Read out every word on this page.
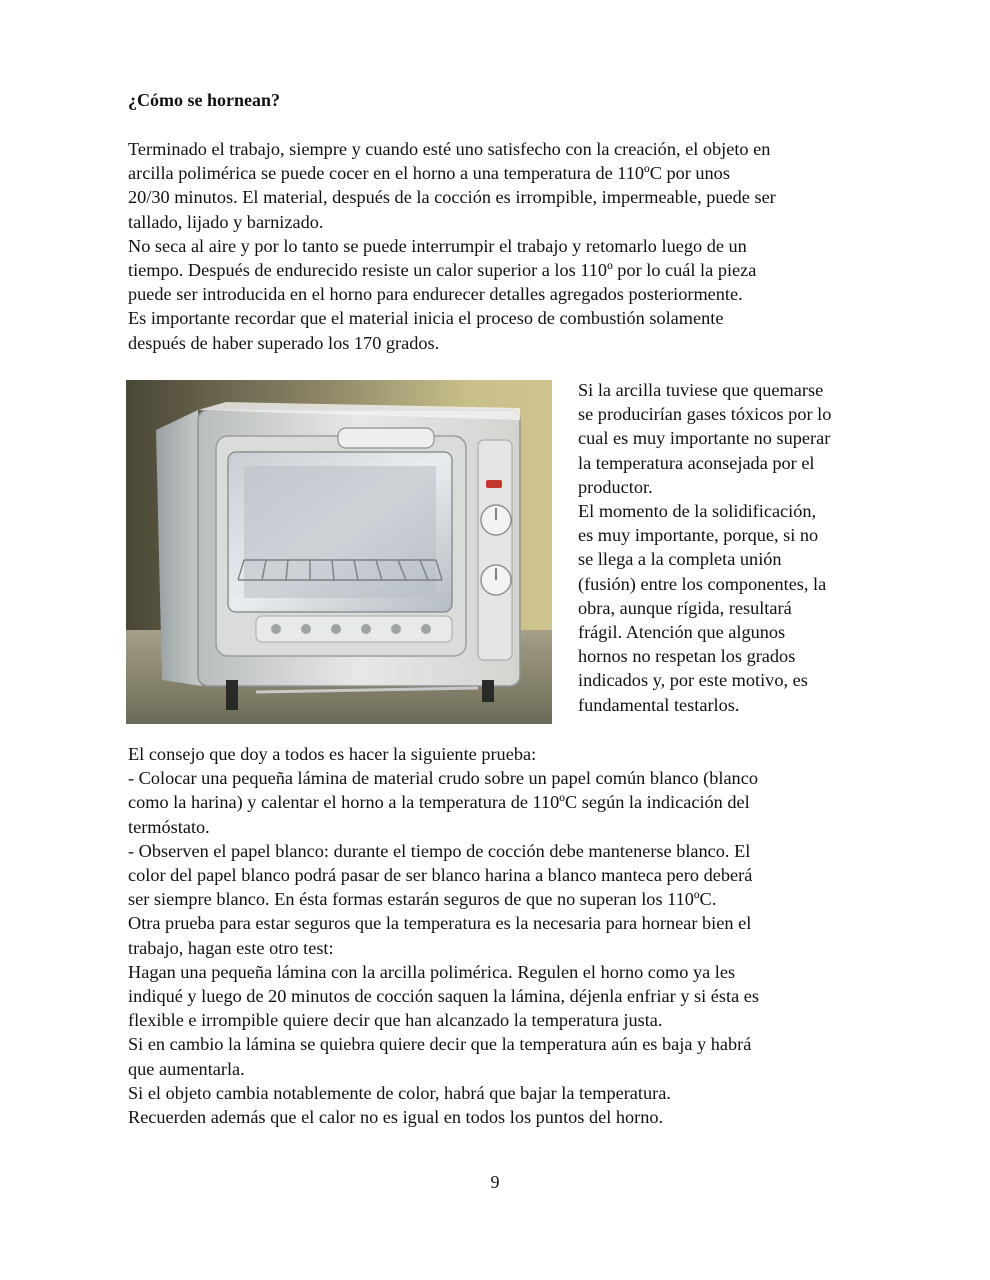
¿Cómo se hornean?

Terminado el trabajo, siempre y cuando esté uno satisfecho con la creación, el objeto en
arcilla polimérica se puede cocer en el horno a una temperatura de 110ºC por unos
20/30 minutos. El material, después de la cocción es irrompible, impermeable, puede ser
tallado, lijado y barnizado.
No seca al aire y por lo tanto se puede interrumpir el trabajo y retomarlo luego de un
tiempo. Después de endurecido resiste un calor superior a los 110º por lo cuál la pieza
puede ser introducida en el horno para endurecer detalles agregados posteriormente.
Es importante recordar que el material inicia el proceso de combustión solamente
después de haber superado los 170 grados.

Si la arcilla tuviese que quemarse
se producirían gases tóxicos por lo
cual es muy importante no superar
la temperatura aconsejada por el
productor.
El momento de la solidificación,
es muy importante, porque, si no
se llega a la completa unión
(fusión) entre los componentes, la
obra, aunque rígida, resultará
frágil. Atención que algunos
hornos no respetan los grados
indicados y, por este motivo, es
fundamental testarlos.

El consejo que doy a todos es hacer la siguiente prueba:
- Colocar una pequeña lámina de material crudo sobre un papel común blanco (blanco
como la harina) y calentar el horno a la temperatura de 110ºC según la indicación del
termóstato.
- Observen el papel blanco: durante el tiempo de cocción debe mantenerse blanco. El
color del papel blanco podrá pasar de ser blanco harina a blanco manteca pero deberá
ser siempre blanco. En ésta formas estarán seguros de que no superan los 110ºC.
Otra prueba para estar seguros que la temperatura es la necesaria para hornear bien el
trabajo, hagan este otro test:
Hagan una pequeña lámina con la arcilla polimérica. Regulen el horno como ya les
indiqué y luego de 20 minutos de cocción saquen la lámina, déjenla enfriar y si ésta es
flexible e irrompible quiere decir que han alcanzado la temperatura justa.
Si en cambio la lámina se quiebra quiere decir que la temperatura aún es baja y habrá
que aumentarla.
Si el objeto cambia notablemente de color, habrá que bajar la temperatura.
Recuerden además que el calor no es igual en todos los puntos del horno.

9
